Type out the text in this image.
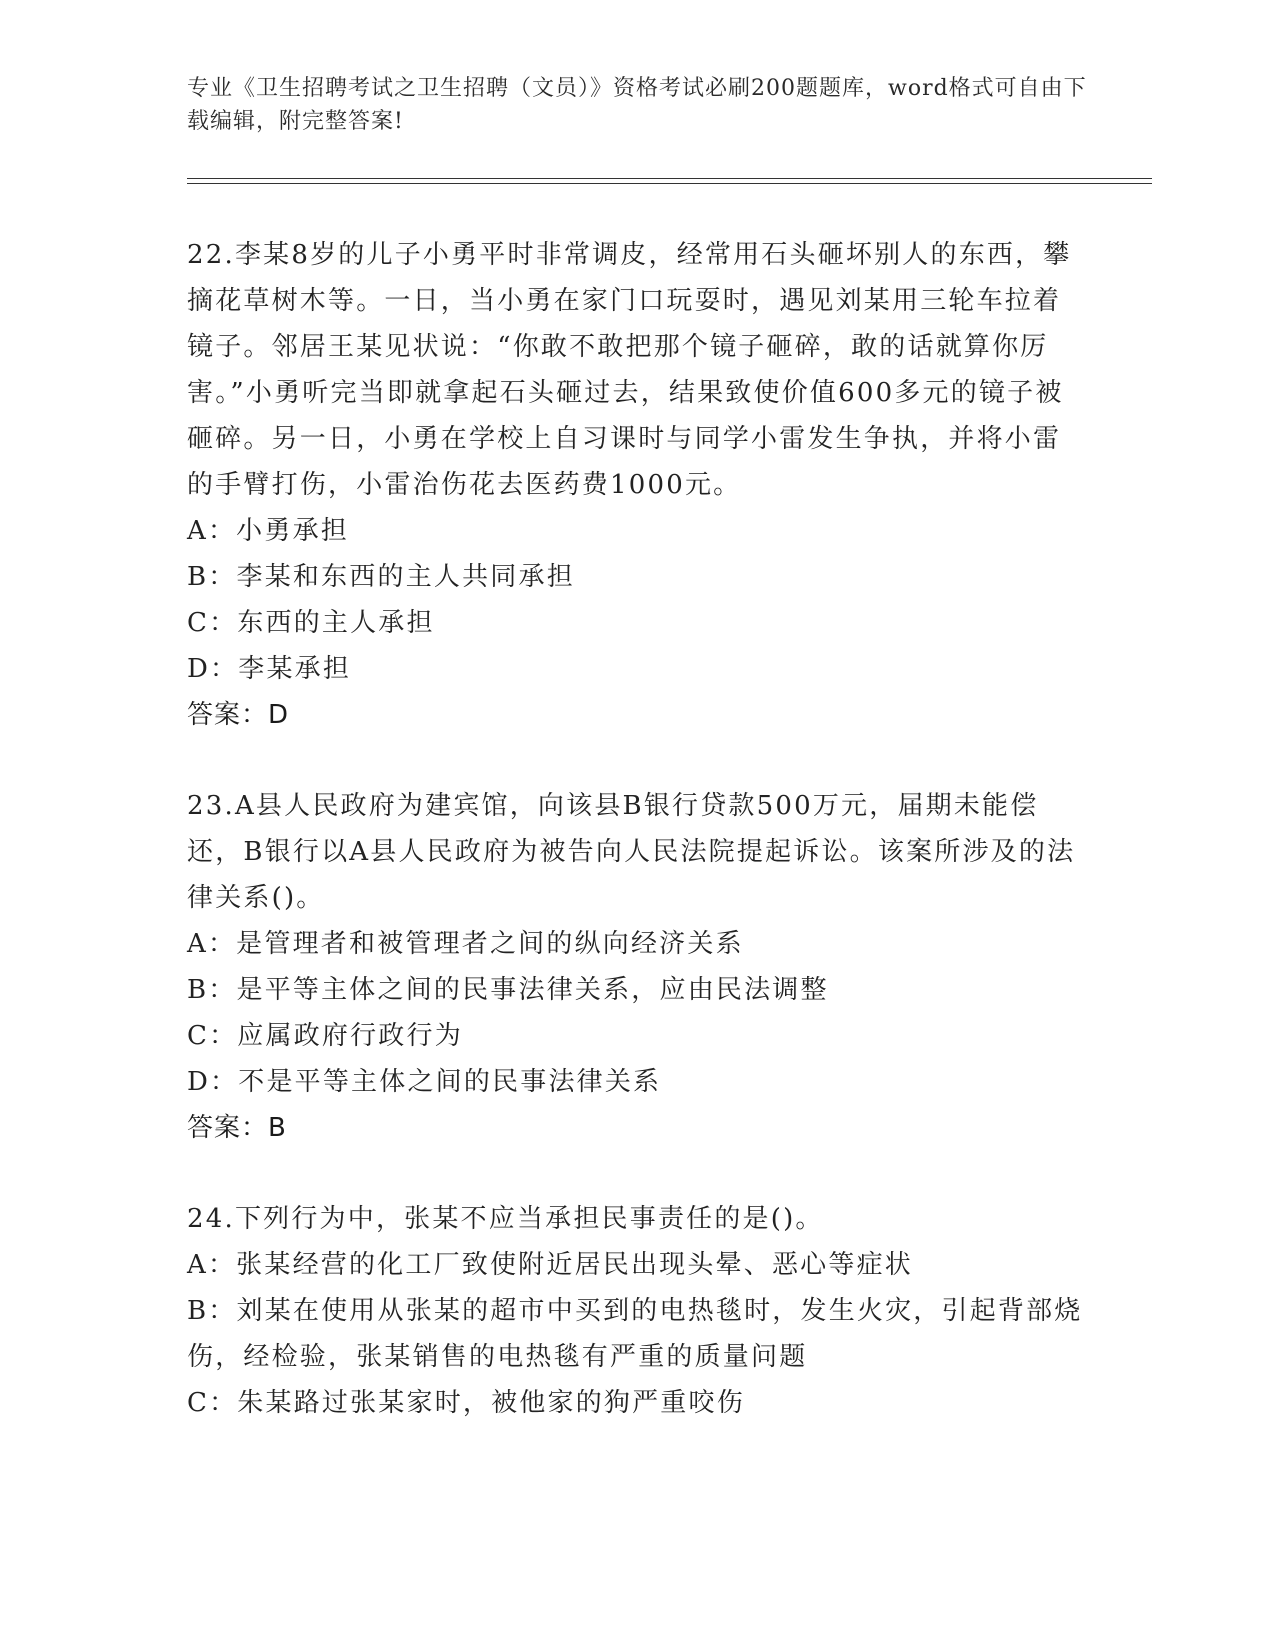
专业《卫生招聘考试之卫生招聘（文员）》资格考试必刷200题题库，word格式可自由下载编辑，附完整答案!
22.李某8岁的儿子小勇平时非常调皮，经常用石头砸坏别人的东西，攀摘花草树木等。一日，当小勇在家门口玩耍时，遇见刘某用三轮车拉着镜子。邻居王某见状说：“你敢不敢把那个镜子砸碎，敢的话就算你厉害。”小勇听完当即就拿起石头砸过去，结果致使价值600多元的镜子被砸碎。另一日，小勇在学校上自习课时与同学小雷发生争执，并将小雷的手臂打伤，小雷治伤花去医药费1000元。
A：小勇承担
B：李某和东西的主人共同承担
C：东西的主人承担
D：李某承担
答案：D
23.A县人民政府为建宾馆，向该县B银行贷款500万元，届期未能偿还，B银行以A县人民政府为被告向人民法院提起诉讼。该案所涉及的法律关系()。
A：是管理者和被管理者之间的纵向经济关系
B：是平等主体之间的民事法律关系，应由民法调整
C：应属政府行政行为
D：不是平等主体之间的民事法律关系
答案：B
24.下列行为中，张某不应当承担民事责任的是()。
A：张某经营的化工厂致使附近居民出现头晕、恶心等症状
B：刘某在使用从张某的超市中买到的电热毯时，发生火灾，引起背部烧伤，经检验，张某销售的电热毯有严重的质量问题
C：朱某路过张某家时，被他家的狗严重咬伤
